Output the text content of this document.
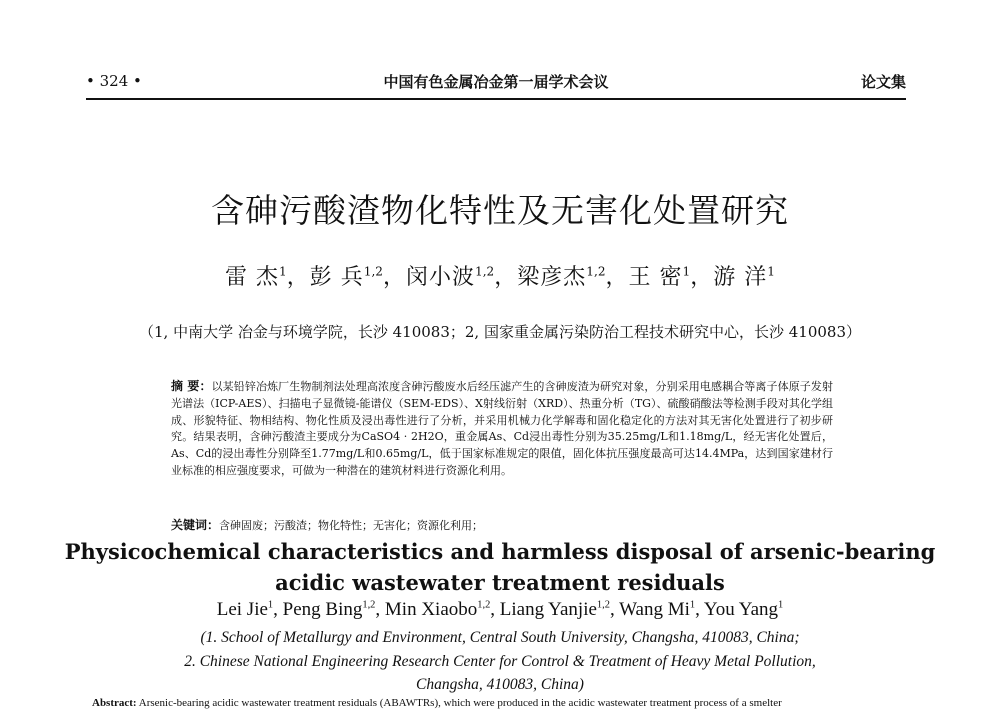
• 324 •	中国有色金属冶金第一届学术会议	论文集
含砷污酸渣物化特性及无害化处置研究
雷 杰$^1$，彭 兵$^{1,2}$，闵小波$^{1,2}$，梁彦杰$^{1,2}$，王 密$^1$，游 洋$^1$
（1, 中南大学 冶金与环境学院，长沙 410083；2, 国家重金属污染防治工程技术研究中心，长沙 410083）
摘 要：以某铅锌冶炼厂生物制剂法处理高浓度含砷污酸废水后经压滤产生的含砷废渣为研究对象，分别采用电感耦合等离子体原子发射光谱法（ICP-AES）、扫描电子显微镜-能谱仪（SEM-EDS）、X射线衍射（XRD）、热重分析（TG）、硫酸硝酸法等检测手段对其化学组成、形貌特征、物相结构、物化性质及浸出毒性进行了分析，并采用机械力化学解毒和固化稳定化的方法对其无害化处置进行了初步研究。结果表明，含砷污酸渣主要成分为CaSO4 · 2H2O，重金属As、Cd浸出毒性分别为35.25mg/L和1.18mg/L，经无害化处置后，As、Cd的浸出毒性分别降至1.77mg/L和0.65mg/L，低于国家标准规定的限值，固化体抗压强度最高可达14.4MPa，达到国家建材行业标准的相应强度要求，可做为一种潜在的建筑材料进行资源化利用。
关键词：含砷固废；污酸渣；物化特性；无害化；资源化利用；
Physicochemical characteristics and harmless disposal of arsenic-bearing
acidic wastewater treatment residuals
Lei Jie$^1$, Peng Bing$^{1,2}$, Min Xiaobo$^{1,2}$, Liang Yanjie$^{1,2}$, Wang Mi$^1$, You Yang$^1$
(1. School of Metallurgy and Environment, Central South University, Changsha, 410083, China;
2. Chinese National Engineering Research Center for Control & Treatment of Heavy Metal Pollution,
Changsha, 410083, China)
Abstract: Arsenic-bearing acidic wastewater treatment residuals (ABAWTRs), which were produced in the acidic wastewater treatment process of a smelter
